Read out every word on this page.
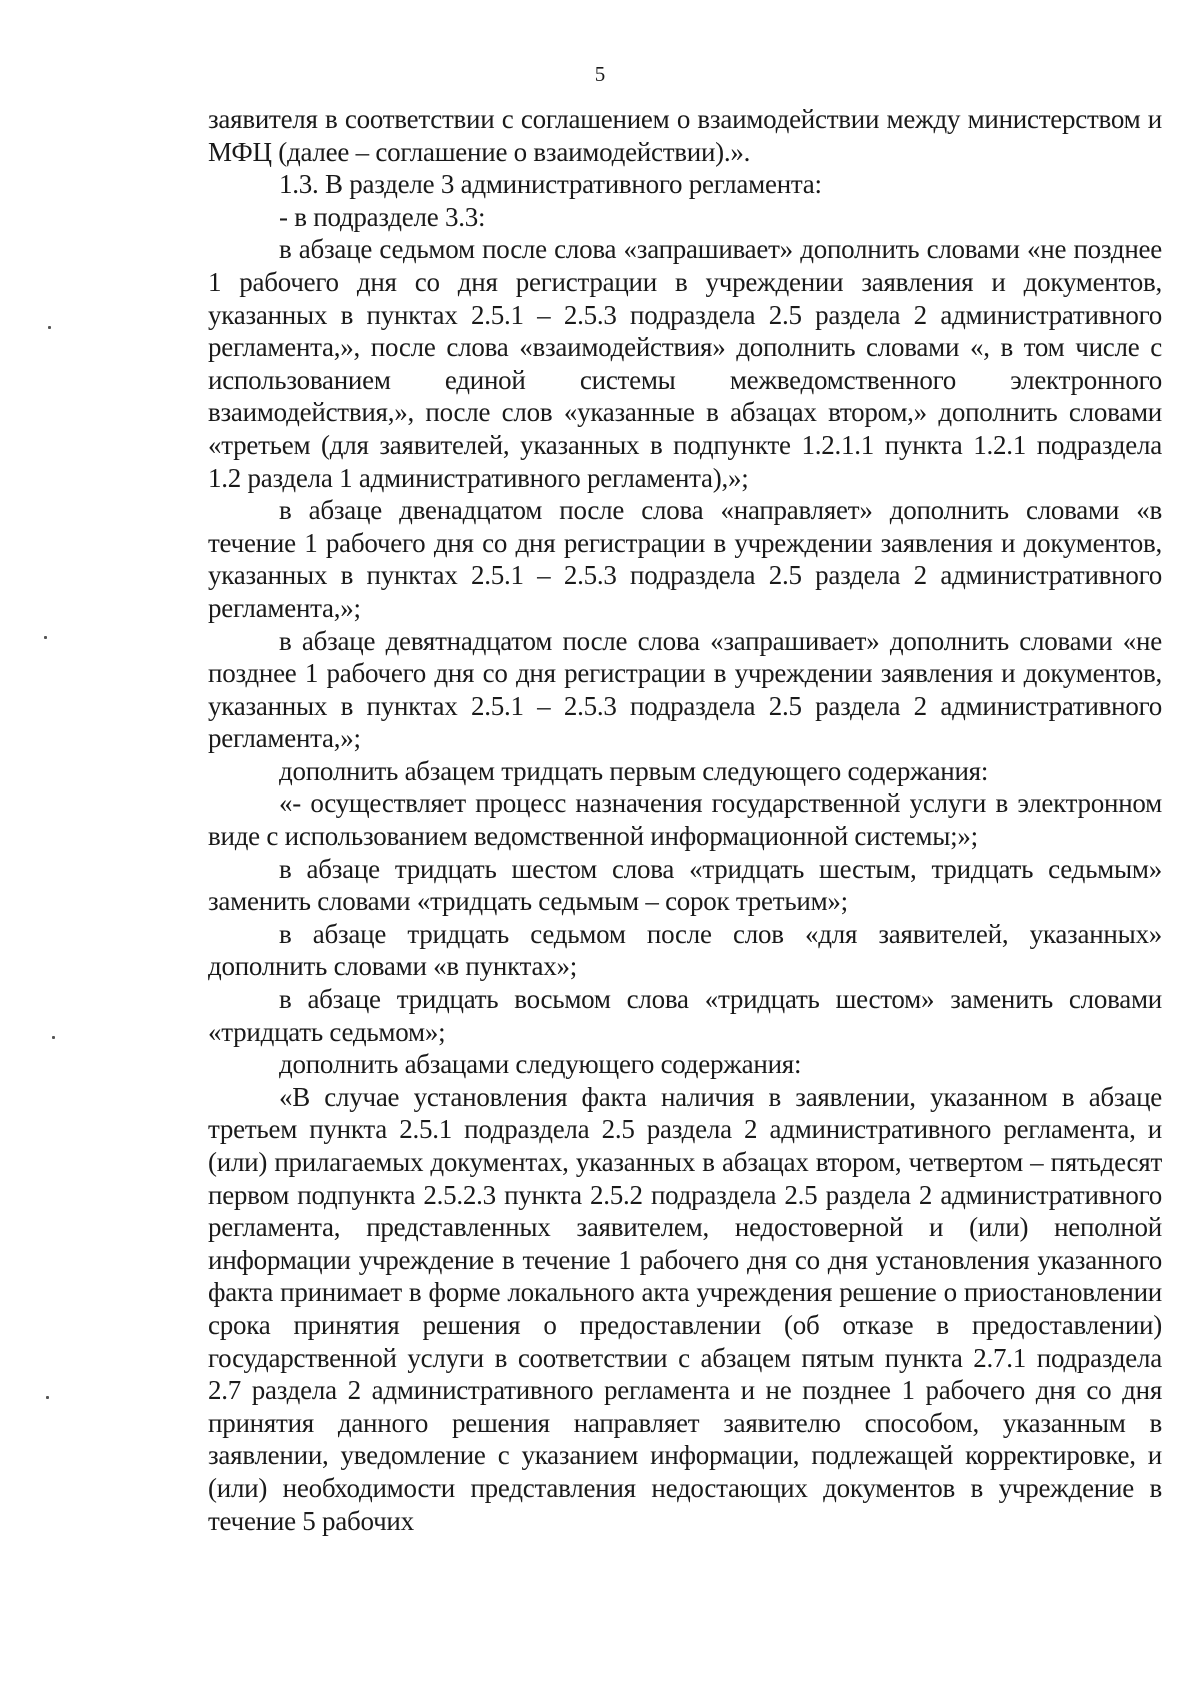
5

заявителя в соответствии с соглашением о взаимодействии между министерством и МФЦ (далее – соглашение о взаимодействии).».

1.3. В разделе 3 административного регламента:

- в подразделе 3.3:

в абзаце седьмом после слова «запрашивает» дополнить словами «не позднее 1 рабочего дня со дня регистрации в учреждении заявления и документов, указанных в пунктах 2.5.1 – 2.5.3 подраздела 2.5 раздела 2 административного регламента,», после слова «взаимодействия» дополнить словами «, в том числе с использованием единой системы межведомственного электронного взаимодействия,», после слов «указанные в абзацах втором,» дополнить словами «третьем (для заявителей, указанных в подпункте 1.2.1.1 пункта 1.2.1 подраздела 1.2 раздела 1 административного регламента),»;

в абзаце двенадцатом после слова «направляет» дополнить словами «в течение 1 рабочего дня со дня регистрации в учреждении заявления и документов, указанных в пунктах 2.5.1 – 2.5.3 подраздела 2.5 раздела 2 административного регламента,»;

в абзаце девятнадцатом после слова «запрашивает» дополнить словами «не позднее 1 рабочего дня со дня регистрации в учреждении заявления и документов, указанных в пунктах 2.5.1 – 2.5.3 подраздела 2.5 раздела 2 административного регламента,»;

дополнить абзацем тридцать первым следующего содержания:

«- осуществляет процесс назначения государственной услуги в электронном виде с использованием ведомственной информационной системы;»;

в абзаце тридцать шестом слова «тридцать шестым, тридцать седьмым» заменить словами «тридцать седьмым – сорок третьим»;

в абзаце тридцать седьмом после слов «для заявителей, указанных» дополнить словами «в пунктах»;

в абзаце тридцать восьмом слова «тридцать шестом» заменить словами «тридцать седьмом»;

дополнить абзацами следующего содержания:

«В случае установления факта наличия в заявлении, указанном в абзаце третьем пункта 2.5.1 подраздела 2.5 раздела 2 административного регламента, и (или) прилагаемых документах, указанных в абзацах втором, четвертом – пятьдесят первом подпункта 2.5.2.3 пункта 2.5.2 подраздела 2.5 раздела 2 административного регламента, представленных заявителем, недостоверной и (или) неполной информации учреждение в течение 1 рабочего дня со дня установления указанного факта принимает в форме локального акта учреждения решение о приостановлении срока принятия решения о предоставлении (об отказе в предоставлении) государственной услуги в соответствии с абзацем пятым пункта 2.7.1 подраздела 2.7 раздела 2 административного регламента и не позднее 1 рабочего дня со дня принятия данного решения направляет заявителю способом, указанным в заявлении, уведомление с указанием информации, подлежащей корректировке, и (или) необходимости представления недостающих документов в учреждение в течение 5 рабочих
